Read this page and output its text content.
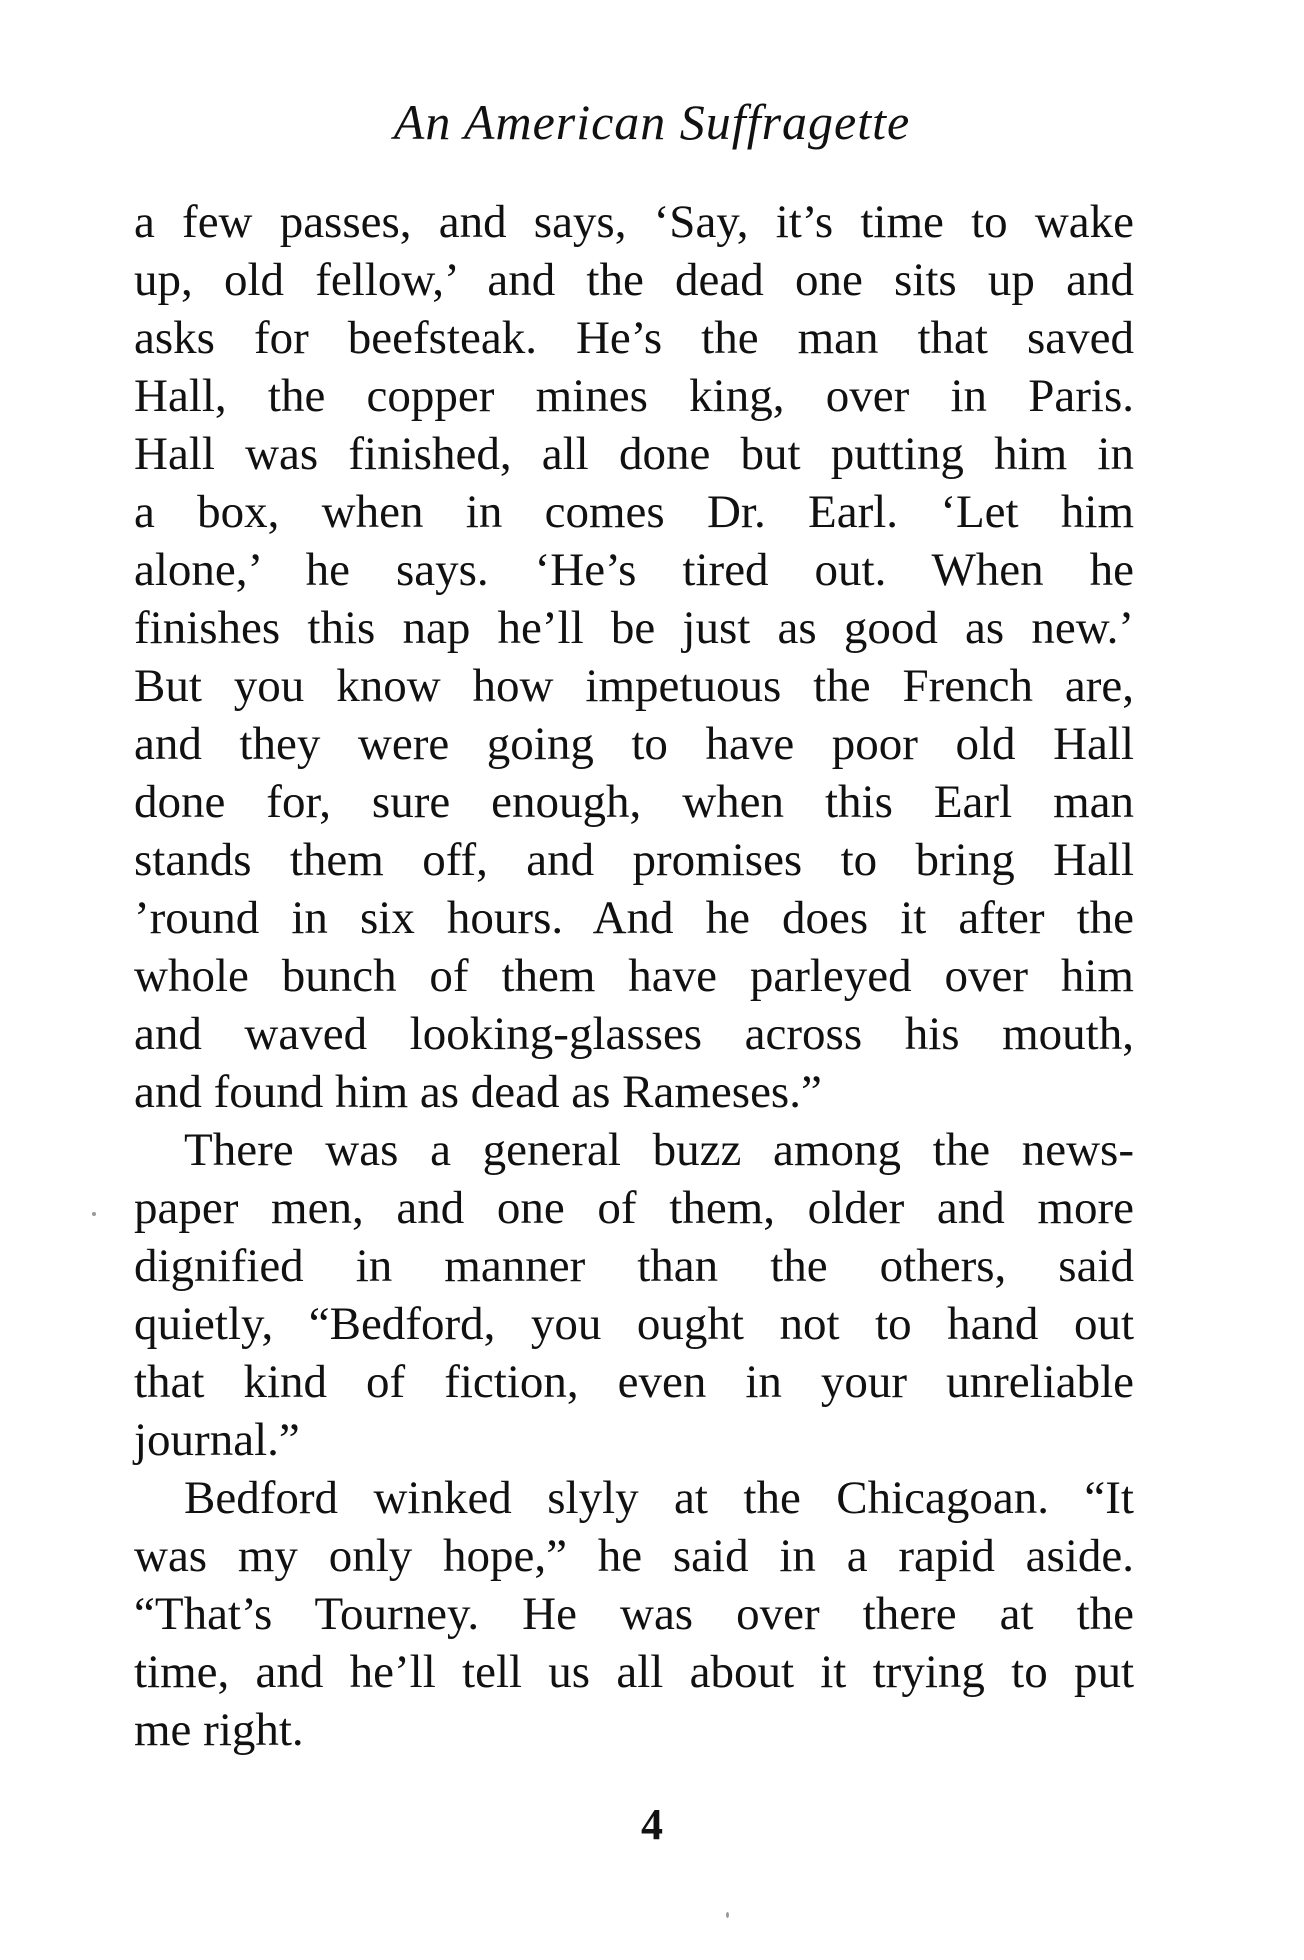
An American Suffragette
a few passes, and says, ‘Say, it’s time to wake
up, old fellow,’ and the dead one sits up and
asks for beefsteak. He’s the man that saved
Hall, the copper mines king, over in Paris.
Hall was finished, all done but putting him in
a box, when in comes Dr. Earl. ‘Let him
alone,’ he says. ‘He’s tired out. When he
finishes this nap he’ll be just as good as new.’
But you know how impetuous the French are,
and they were going to have poor old Hall
done for, sure enough, when this Earl man
stands them off, and promises to bring Hall
’round in six hours. And he does it after the
whole bunch of them have parleyed over him
and waved looking-glasses across his mouth,
and found him as dead as Rameses.”
There was a general buzz among the news-
paper men, and one of them, older and more
dignified in manner than the others, said
quietly, “Bedford, you ought not to hand out
that kind of fiction, even in your unreliable
journal.”
Bedford winked slyly at the Chicagoan. “It
was my only hope,” he said in a rapid aside.
“That’s Tourney. He was over there at the
time, and he’ll tell us all about it trying to put
me right.
4
